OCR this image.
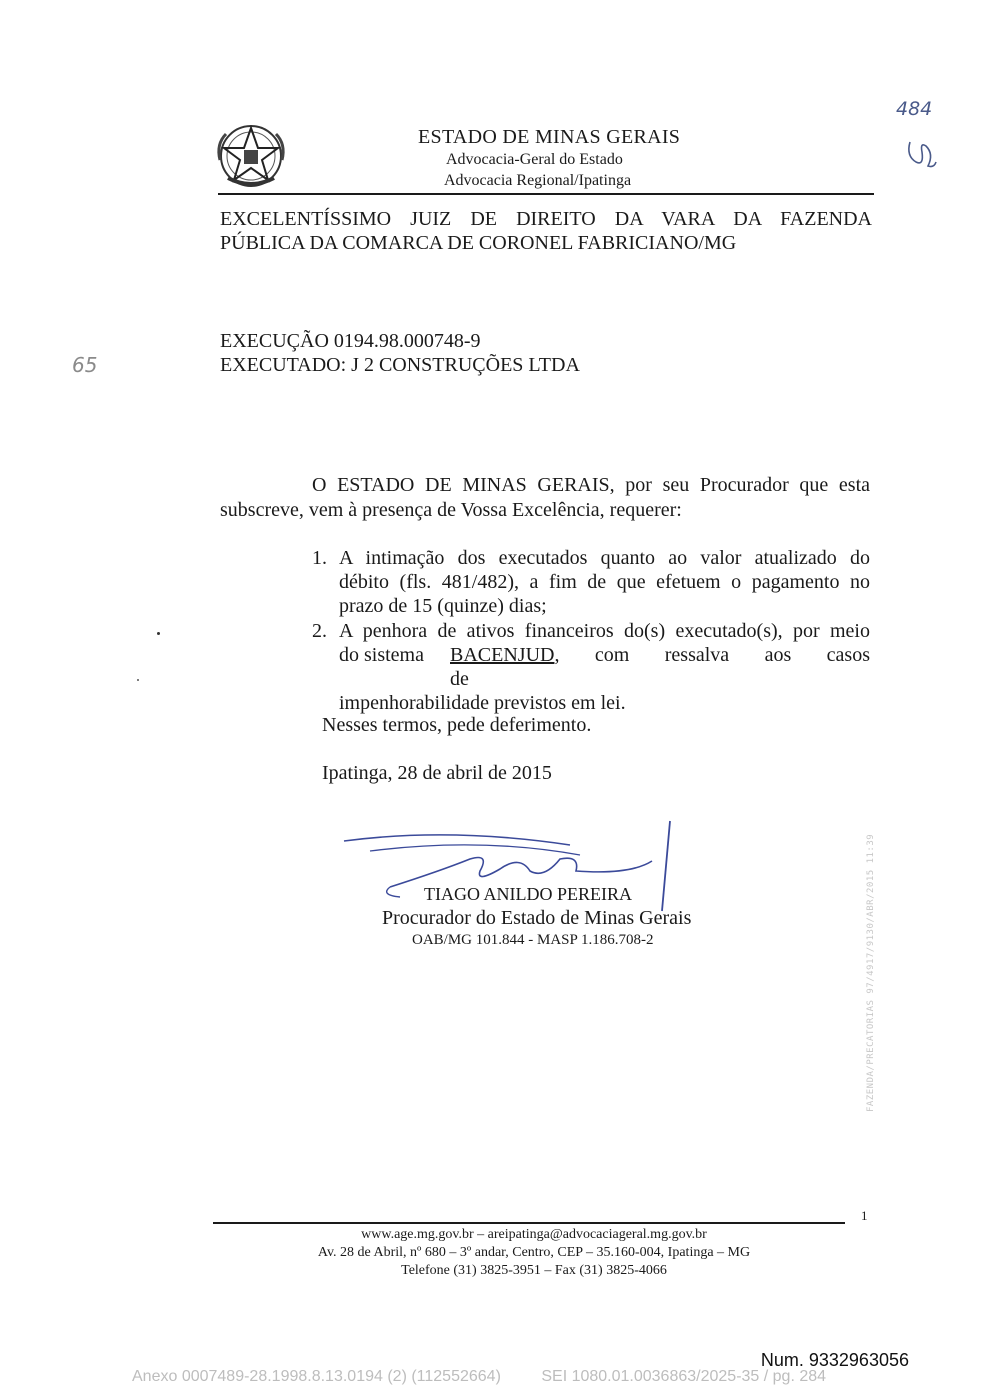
ESTADO DE MINAS GERAIS
Advocacia-Geral do Estado
Advocacia Regional/Ipatinga
EXCELENTÍSSIMO JUIZ DE DIREITO DA VARA DA FAZENDA
PÚBLICA DA COMARCA DE CORONEL FABRICIANO/MG
EXECUÇÃO 0194.98.000748-9
EXECUTADO: J 2 CONSTRUÇÕES LTDA
O ESTADO DE MINAS GERAIS, por seu Procurador que esta
subscreve, vem à presença de Vossa Excelência, requerer:
1. A intimação dos executados quanto ao valor atualizado do
débito (fls. 481/482), a fim de que efetuem o pagamento no
prazo de 15 (quinze) dias;
2. A penhora de ativos financeiros do(s) executado(s), por meio
do sistema BACENJUD, com ressalva aos casos de
impenhorabilidade previstos em lei.
Nesses termos, pede deferimento.
Ipatinga, 28 de abril de 2015
TIAGO ANILDO PEREIRA
Procurador do Estado de Minas Gerais
OAB/MG 101.844 - MASP 1.186.708-2
484
65
FAZENDA/PRECATORIAS 97/4917/9130/ABR/2015 11:39
1
www.age.mg.gov.br – areipatinga@advocaciageral.mg.gov.br
Av. 28 de Abril, nº 680 – 3º andar, Centro, CEP – 35.160-004, Ipatinga – MG
Telefone (31) 3825-3951 – Fax (31) 3825-4066
Num. 9332963056
Anexo 0007489-28.1998.8.13.0194 (2) (112552664)	SEI 1080.01.0036863/2025-35 / pg. 284
